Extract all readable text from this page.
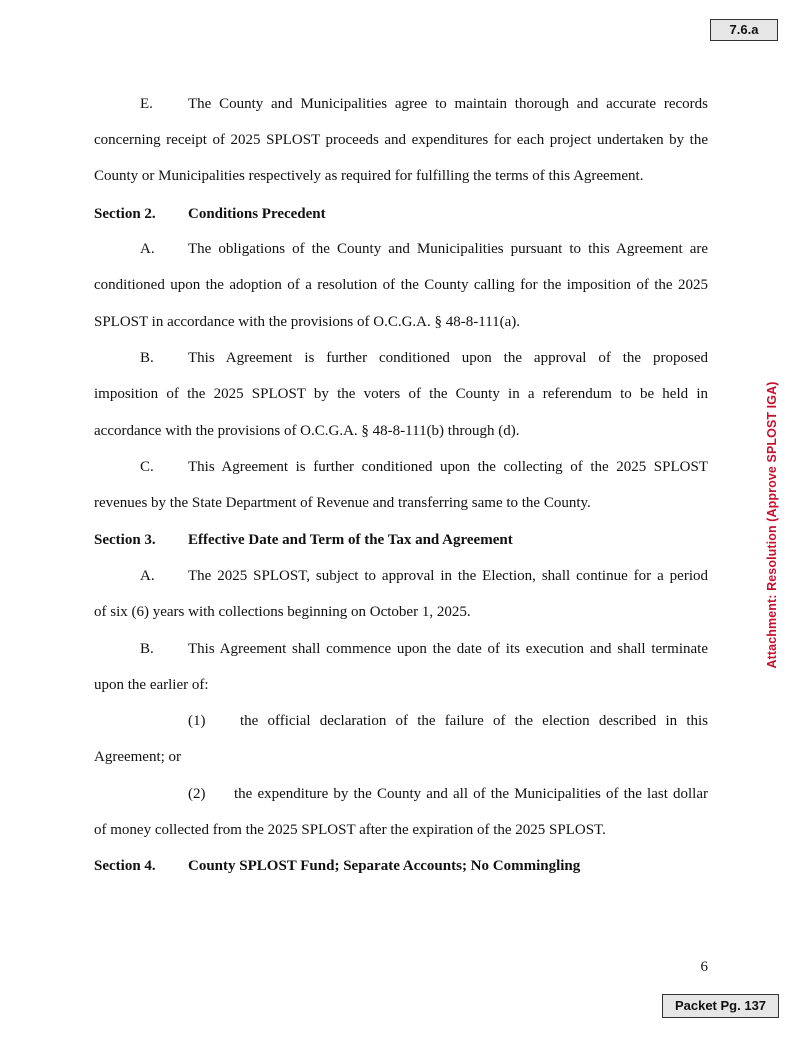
7.6.a
Attachment: Resolution (Approve SPLOST IGA)
E. The County and Municipalities agree to maintain thorough and accurate records
concerning receipt of 2025 SPLOST proceeds and expenditures for each project undertaken by the
County or Municipalities respectively as required for fulfilling the terms of this Agreement.
Section 2. Conditions Precedent
A. The obligations of the County and Municipalities pursuant to this Agreement are
conditioned upon the adoption of a resolution of the County calling for the imposition of the 2025
SPLOST in accordance with the provisions of O.C.G.A. § 48-8-111(a).
B. This Agreement is further conditioned upon the approval of the proposed
imposition of the 2025 SPLOST by the voters of the County in a referendum to be held in
accordance with the provisions of O.C.G.A. § 48-8-111(b) through (d).
C. This Agreement is further conditioned upon the collecting of the 2025 SPLOST
revenues by the State Department of Revenue and transferring same to the County.
Section 3. Effective Date and Term of the Tax and Agreement
A. The 2025 SPLOST, subject to approval in the Election, shall continue for a period
of six (6) years with collections beginning on October 1, 2025.
B. This Agreement shall commence upon the date of its execution and shall terminate
upon the earlier of:
(1) the official declaration of the failure of the election described in this
Agreement; or
(2) the expenditure by the County and all of the Municipalities of the last dollar
of money collected from the 2025 SPLOST after the expiration of the 2025 SPLOST.
Section 4. County SPLOST Fund; Separate Accounts; No Commingling
6
Packet Pg. 137
